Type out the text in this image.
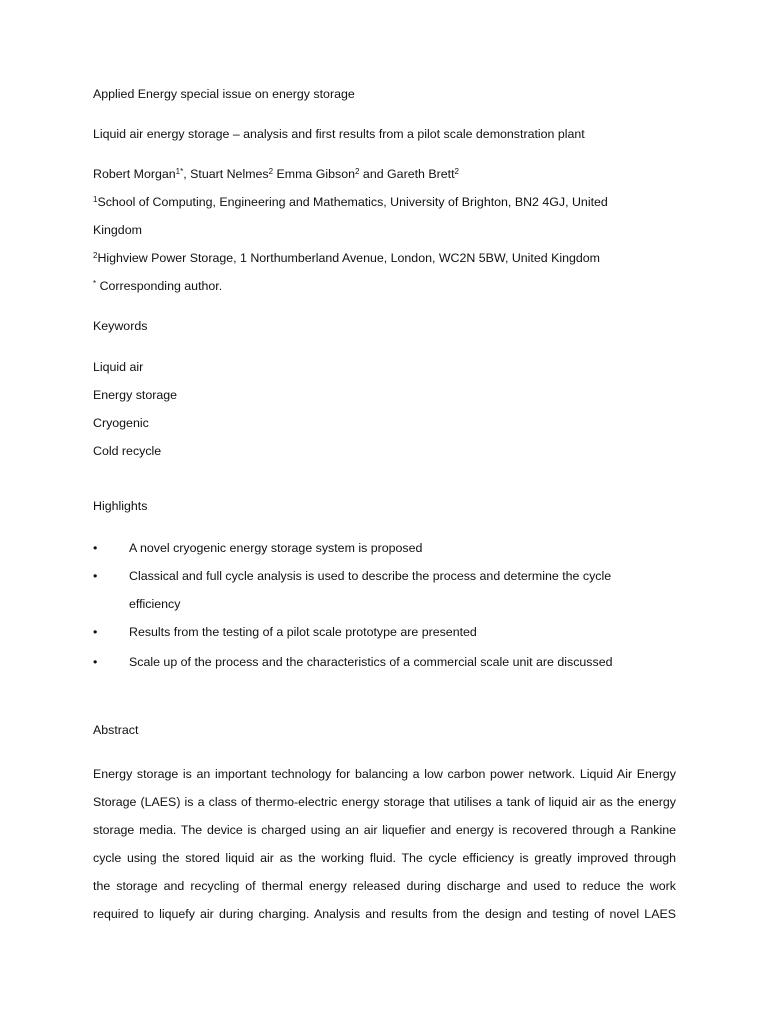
Applied Energy special issue on energy storage
Liquid air energy storage – analysis and first results from a pilot scale demonstration plant
Robert Morgan$^{1*}$, Stuart Nelmes$^2$ Emma Gibson$^2$ and Gareth Brett$^2$
$^1$School of Computing, Engineering and Mathematics, University of Brighton, BN2 4GJ, United
Kingdom
$^2$Highview Power Storage, 1 Northumberland Avenue, London, WC2N 5BW, United Kingdom
* Corresponding author.
Keywords
Liquid air
Energy storage
Cryogenic
Cold recycle
Highlights
•	A novel cryogenic energy storage system is proposed
•	Classical and full cycle analysis is used to describe the process and determine the cycle
efficiency
•	Results from the testing of a pilot scale prototype are presented
•	Scale up of the process and the characteristics of a commercial scale unit are discussed
Abstract
Energy storage is an important technology for balancing a low carbon power network. Liquid Air Energy
Storage (LAES) is a class of thermo-electric energy storage that utilises a tank of liquid air as the energy
storage media. The device is charged using an air liquefier and energy is recovered through a Rankine
cycle using the stored liquid air as the working fluid. The cycle efficiency is greatly improved through
the storage and recycling of thermal energy released during discharge and used to reduce the work
required to liquefy air during charging. Analysis and results from the design and testing of novel LAES
